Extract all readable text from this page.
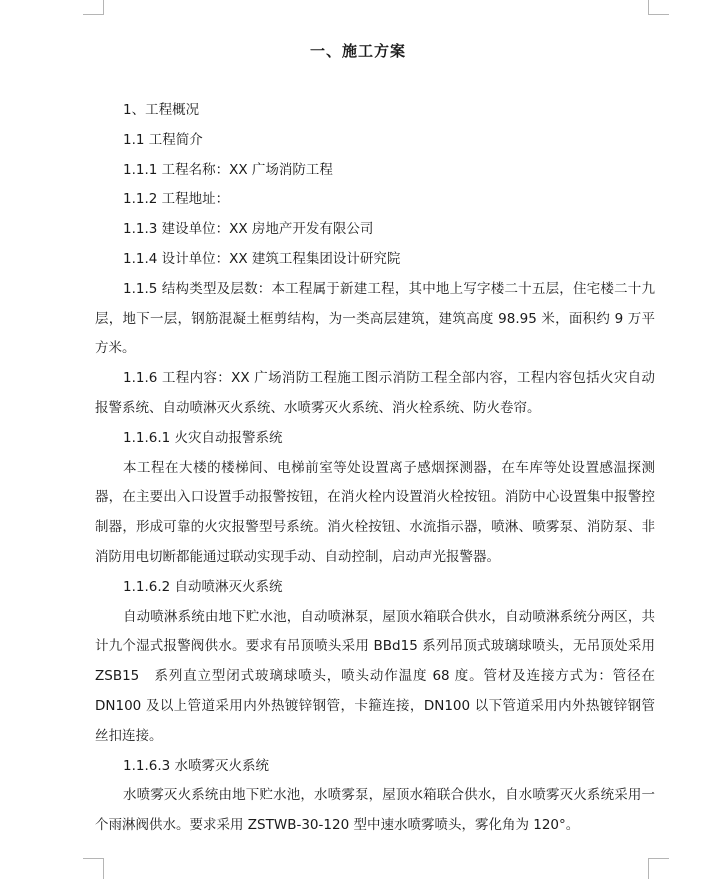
一、施工方案

1、工程概况

1.1 工程简介

1.1.1 工程名称：XX 广场消防工程

1.1.2 工程地址：

1.1.3 建设单位：XX 房地产开发有限公司

1.1.4 设计单位：XX 建筑工程集团设计研究院

1.1.5 结构类型及层数：本工程属于新建工程，其中地上写字楼二十五层，住宅楼二十九层，地下一层，钢筋混凝土框剪结构，为一类高层建筑，建筑高度 98.95 米，面积约 9 万平方米。

1.1.6 工程内容：XX 广场消防工程施工图示消防工程全部内容，工程内容包括火灾自动报警系统、自动喷淋灭火系统、水喷雾灭火系统、消火栓系统、防火卷帘。

1.1.6.1 火灾自动报警系统

本工程在大楼的楼梯间、电梯前室等处设置离子感烟探测器，在车库等处设置感温探测器，在主要出入口设置手动报警按钮，在消火栓内设置消火栓按钮。消防中心设置集中报警控制器，形成可靠的火灾报警型号系统。消火栓按钮、水流指示器，喷淋、喷雾泵、消防泵、非消防用电切断都能通过联动实现手动、自动控制，启动声光报警器。

1.1.6.2 自动喷淋灭火系统

自动喷淋系统由地下贮水池，自动喷淋泵，屋顶水箱联合供水，自动喷淋系统分两区，共计九个湿式报警阀供水。要求有吊顶喷头采用 BBd15 系列吊顶式玻璃球喷头，无吊顶处采用 ZSB15　系列直立型闭式玻璃球喷头，喷头动作温度 68 度。管材及连接方式为：管径在 DN100 及以上管道采用内外热镀锌钢管，卡箍连接，DN100 以下管道采用内外热镀锌钢管丝扣连接。

1.1.6.3 水喷雾灭火系统

水喷雾灭火系统由地下贮水池，水喷雾泵，屋顶水箱联合供水，自水喷雾灭火系统采用一个雨淋阀供水。要求采用 ZSTWB-30-120 型中速水喷雾喷头，雾化角为 120°。
